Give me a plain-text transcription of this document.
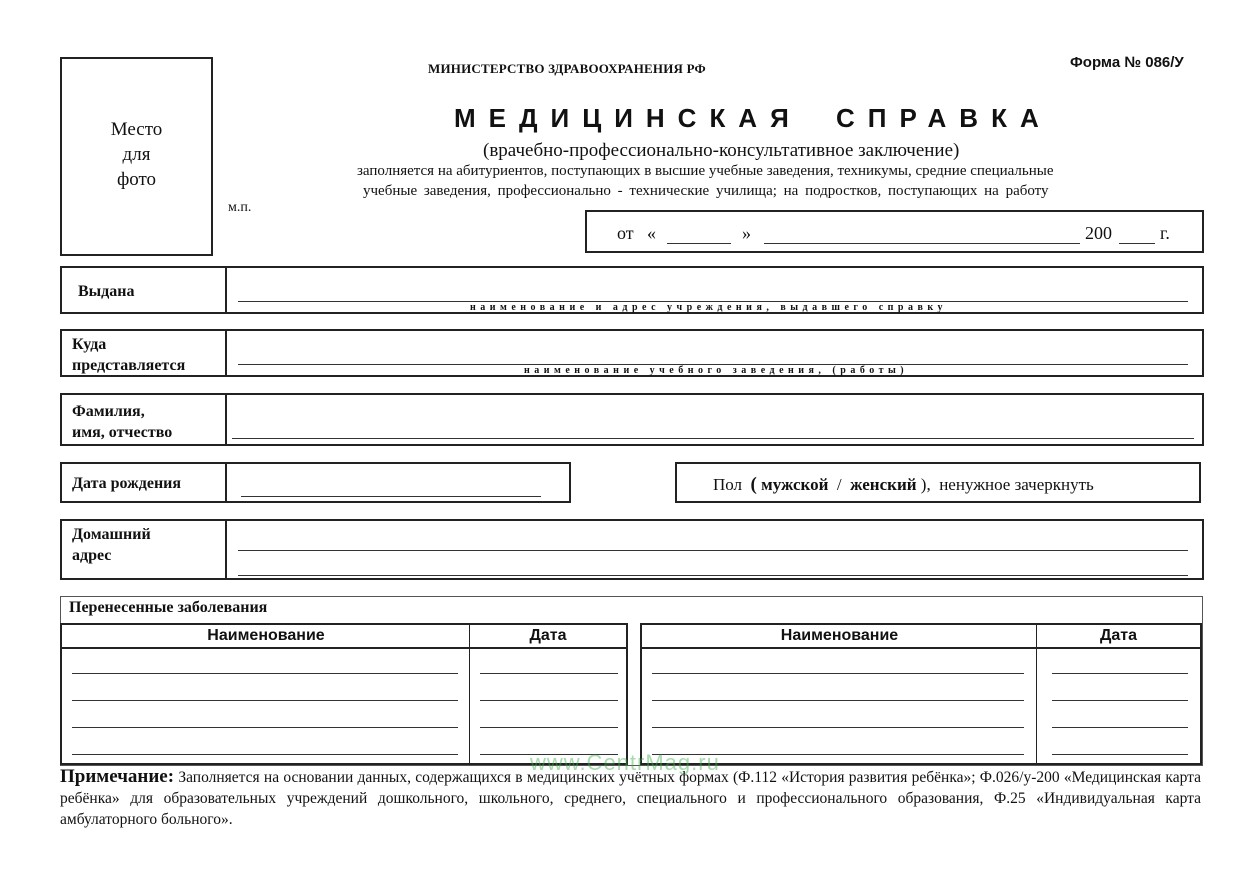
Место
для
фото
м.п.
МИНИСТЕРСТВО ЗДРАВООХРАНЕНИЯ РФ	Форма № 086/У
МЕДИЦИНСКАЯ СПРАВКА
(врачебно-профессионально-консультативное заключение)
заполняется на абитуриентов, поступающих в высшие учебные заведения, техникумы, средние специальные
учебные заведения, профессионально - технические училища; на подростков, поступающих на работу
от «	»	200	г.
Выдана
наименование и адрес учреждения, выдавшего справку
Куда
представляется	наименование учебного заведения, (работы)
Фамилия,
имя, отчество
Дата рождения	Пол ( мужской / женский ), ненужное зачеркнуть
Домашний
адрес
Перенесенные заболевания
Наименование	Дата	Наименование	Дата
www.CentrMag.ru
Примечание: Заполняется на основании данных, содержащихся в медицинских учётных формах (Ф.112 «История развития ребёнка»; Ф.026/у-200 «Медицинская карта ребёнка» для образовательных учреждений дошкольного, школьного, среднего, специального и профессионального образования, Ф.25 «Индивидуальная карта амбулаторного больного».
